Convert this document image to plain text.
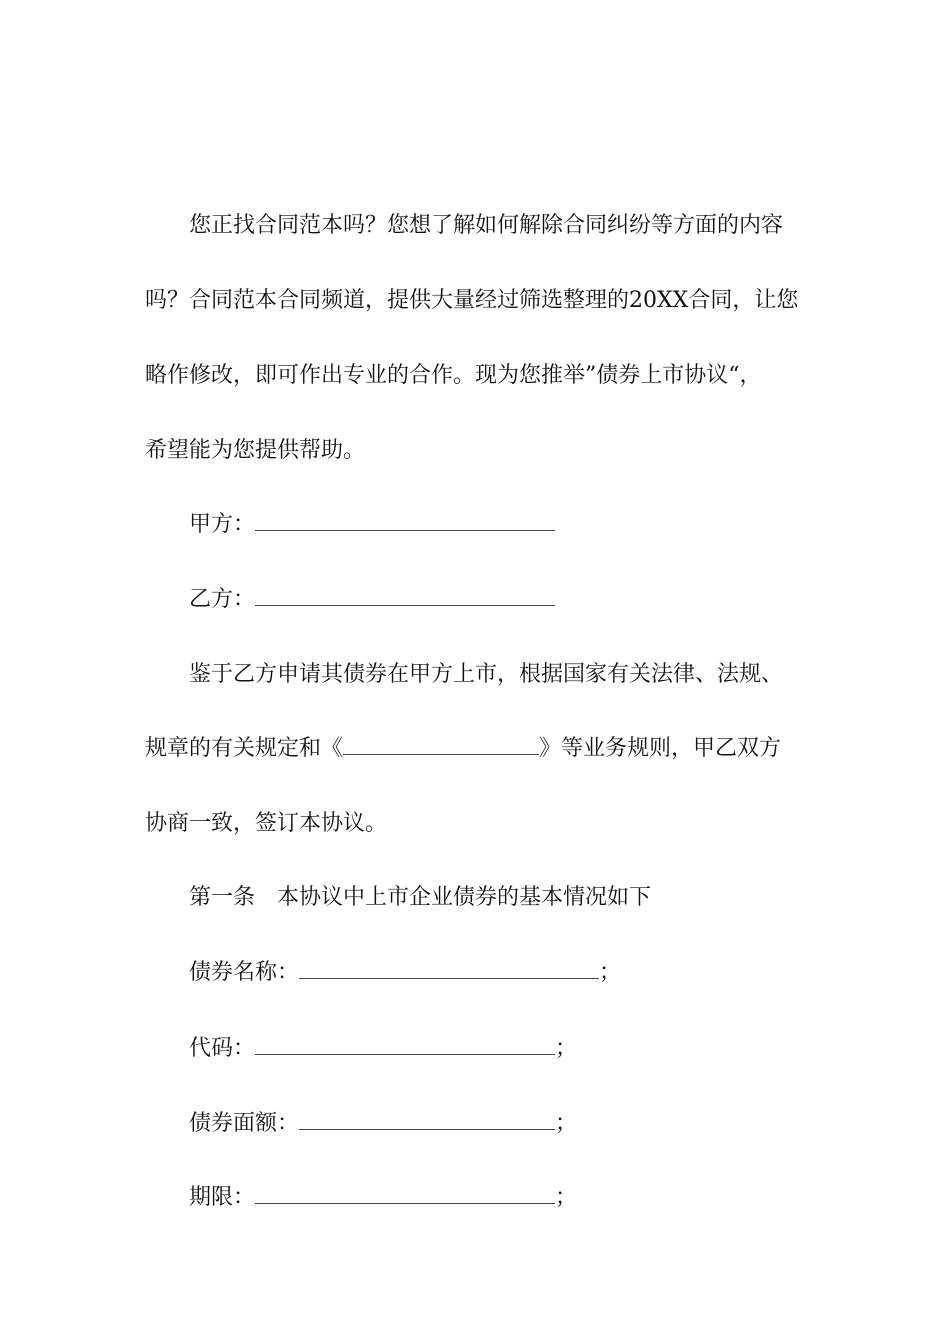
您正找合同范本吗？您想了解如何解除合同纠纷等方面的内容
吗？合同范本合同频道，提供大量经过筛选整理的20XX合同，让您
略作修改，即可作出专业的合作。现为您推举”债券上市协议“，
希望能为您提供帮助。
甲方：
乙方：
鉴于乙方申请其债券在甲方上市，根据国家有关法律、法规、
规章的有关规定和《	》等业务规则，甲乙双方
协商一致，签订本协议。
第一条　本协议中上市企业债券的基本情况如下
债券名称：	；
代码：	；
债券面额：	；
期限：	；
